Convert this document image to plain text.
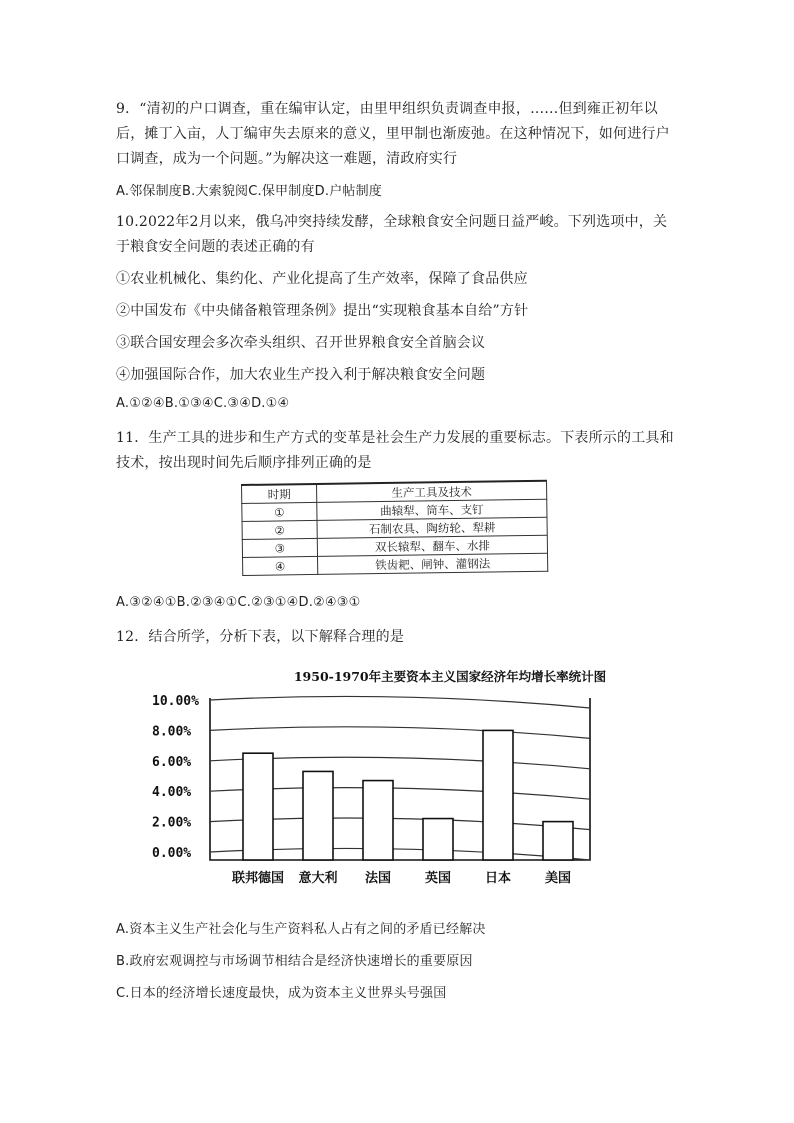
9．“清初的户口调查，重在编审认定，由里甲组织负责调查申报，……但到雍正初年以
后，摊丁入亩，人丁编审失去原来的意义，里甲制也渐废弛。在这种情况下，如何进行户
口调查，成为一个问题。”为解决这一难题，清政府实行
A.邻保制度B.大索貌阅C.保甲制度D.户帖制度
10.2022年2月以来，俄乌冲突持续发酵，全球粮食安全问题日益严峻。下列选项中，关
于粮食安全问题的表述正确的有
①农业机械化、集约化、产业化提高了生产效率，保障了食品供应
②中国发布《中央储备粮管理条例》提出“实现粮食基本自给”方针
③联合国安理会多次牵头组织、召开世界粮食安全首脑会议
④加强国际合作，加大农业生产投入利于解决粮食安全问题
A.①②④B.①③④C.③④D.①④
11．生产工具的进步和生产方式的变革是社会生产力发展的重要标志。下表所示的工具和
技术，按出现时间先后顺序排列正确的是
时期	生产工具及技术
①	曲辕犁、筒车、支钉
②	石制农具、陶纺轮、犁耕
③	双长辕犁、翻车、水排
④	铁齿耙、闸钟、灌钢法
A.③②④①B.②③④①C.②③①④D.②④③①
12．结合所学，分析下表，以下解释合理的是
1950-1970年主要资本主义国家经济年均增长率统计图
10.00%
8.00%
6.00%
4.00%
2.00%
0.00%
联邦德国 意大利 法国	英国	日本	美国
A.资本主义生产社会化与生产资料私人占有之间的矛盾已经解决
B.政府宏观调控与市场调节相结合是经济快速增长的重要原因
C.日本的经济增长速度最快，成为资本主义世界头号强国
